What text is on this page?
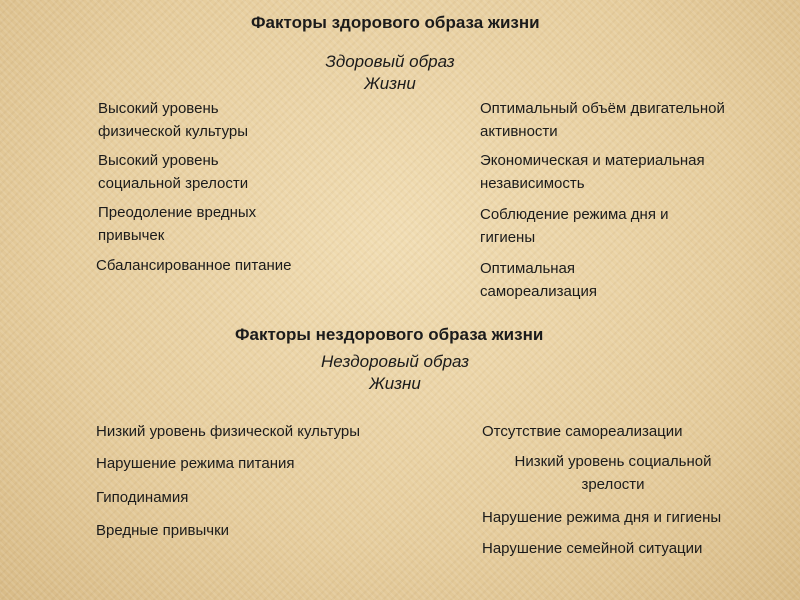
Факторы здорового образа жизни
Здоровый образ
Жизни
Высокий уровень
физической культуры
Высокий уровень
социальной зрелости
Преодоление вредных
привычек
Сбалансированное питание
Оптимальный объём двигательной
активности
Экономическая и материальная
независимость
Соблюдение режима дня и
гигиены
Оптимальная
самореализация
Факторы нездорового образа жизни
Нездоровый образ
Жизни
Низкий уровень физической культуры
Нарушение режима питания
Гиподинамия
Вредные привычки
Отсутствие самореализации
Низкий уровень социальной
зрелости
Нарушение режима дня и гигиены
Нарушение семейной ситуации
